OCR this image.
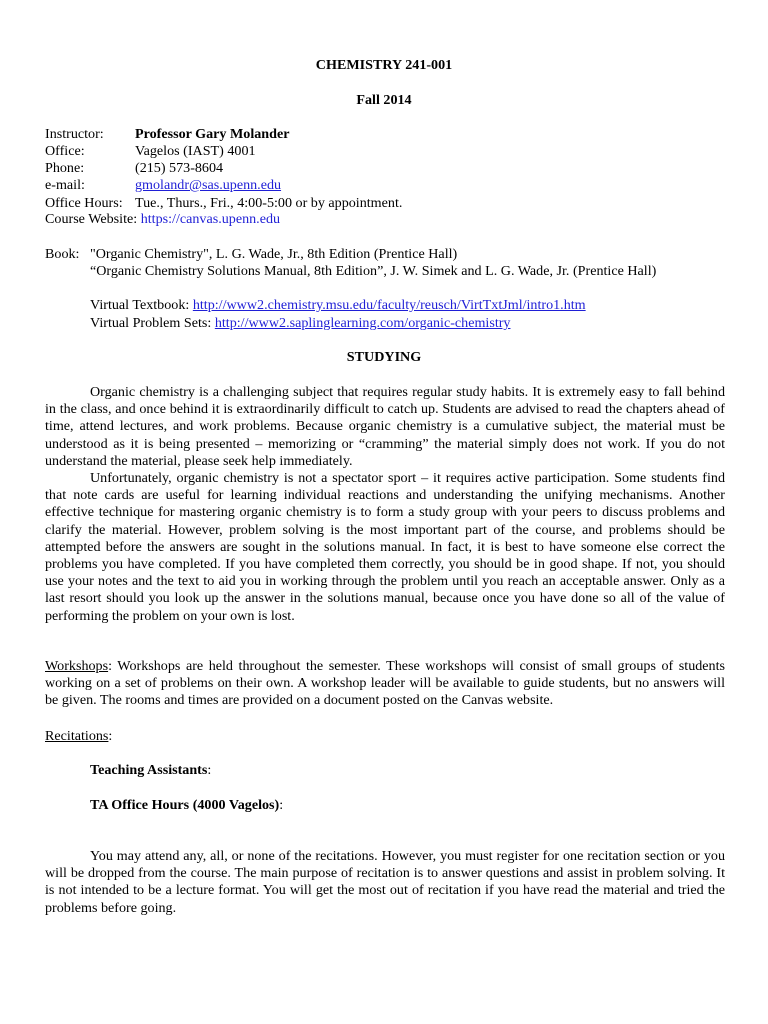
CHEMISTRY 241-001
Fall 2014
Instructor: Professor Gary Molander
Office:	Vagelos (IAST) 4001
Phone:	(215) 573-8604
e-mail:	gmolandr@sas.upenn.edu
Office Hours: Tue., Thurs., Fri., 4:00-5:00 or by appointment.
Course Website: https://canvas.upenn.edu
Book: "Organic Chemistry", L. G. Wade, Jr., 8th Edition (Prentice Hall)
“Organic Chemistry Solutions Manual, 8th Edition”, J. W. Simek and L. G. Wade, Jr. (Prentice Hall)
Virtual Textbook: http://www2.chemistry.msu.edu/faculty/reusch/VirtTxtJml/intro1.htm
Virtual Problem Sets: http://www2.saplinglearning.com/organic-chemistry
STUDYING
Organic chemistry is a challenging subject that requires regular study habits. It is extremely easy to fall behind in the class, and once behind it is extraordinarily difficult to catch up. Students are advised to read the chapters ahead of time, attend lectures, and work problems. Because organic chemistry is a cumulative subject, the material must be understood as it is being presented – memorizing or “cramming” the material simply does not work. If you do not understand the material, please seek help immediately.
Unfortunately, organic chemistry is not a spectator sport – it requires active participation. Some students find that note cards are useful for learning individual reactions and understanding the unifying mechanisms. Another effective technique for mastering organic chemistry is to form a study group with your peers to discuss problems and clarify the material. However, problem solving is the most important part of the course, and problems should be attempted before the answers are sought in the solutions manual. In fact, it is best to have someone else correct the problems you have completed. If you have completed them correctly, you should be in good shape. If not, you should use your notes and the text to aid you in working through the problem until you reach an acceptable answer. Only as a last resort should you look up the answer in the solutions manual, because once you have done so all of the value of performing the problem on your own is lost.
Workshops: Workshops are held throughout the semester. These workshops will consist of small groups of students working on a set of problems on their own. A workshop leader will be available to guide students, but no answers will be given. The rooms and times are provided on a document posted on the Canvas website.
Recitations:
Teaching Assistants:
TA Office Hours (4000 Vagelos):
You may attend any, all, or none of the recitations. However, you must register for one recitation section or you will be dropped from the course. The main purpose of recitation is to answer questions and assist in problem solving. It is not intended to be a lecture format. You will get the most out of recitation if you have read the material and tried the problems before going.
